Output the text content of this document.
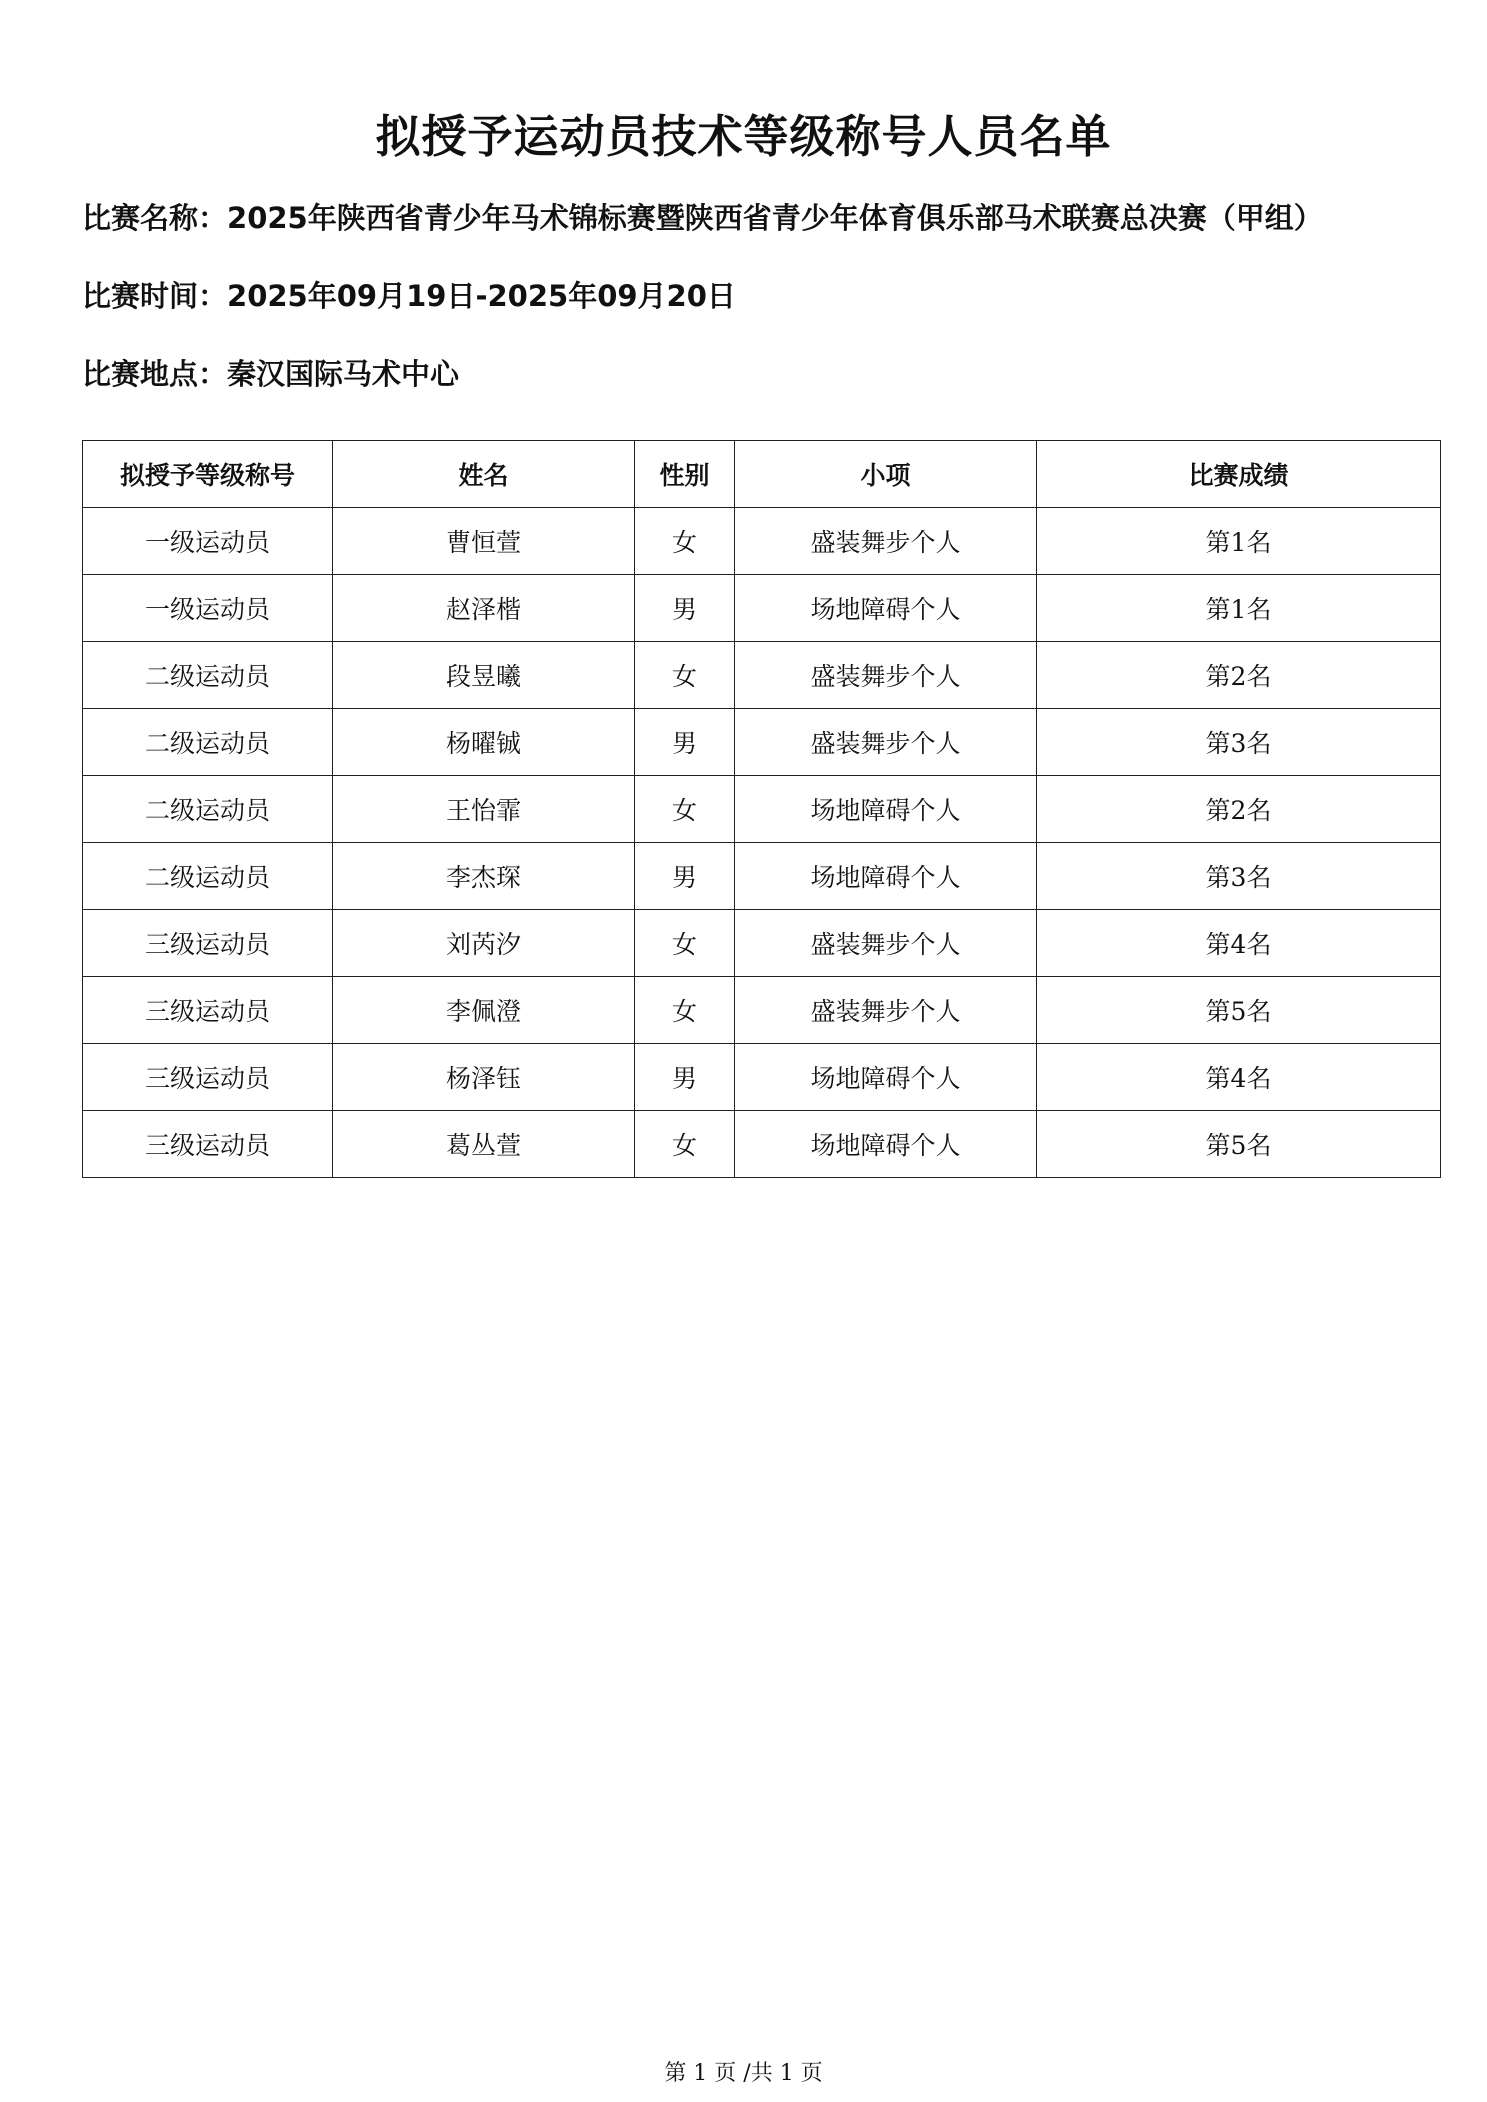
拟授予运动员技术等级称号人员名单
比赛名称：2025年陕西省青少年马术锦标赛暨陕西省青少年体育俱乐部马术联赛总决赛（甲组）
比赛时间：2025年09月19日-2025年09月20日
比赛地点：秦汉国际马术中心
拟授予等级称号	姓名	性别	小项	比赛成绩
一级运动员	曹恒萱	女	盛装舞步个人	第1名
一级运动员	赵泽楷	男	场地障碍个人	第1名
二级运动员	段昱曦	女	盛装舞步个人	第2名
二级运动员	杨曜铖	男	盛装舞步个人	第3名
二级运动员	王怡霏	女	场地障碍个人	第2名
二级运动员	李杰琛	男	场地障碍个人	第3名
三级运动员	刘芮汐	女	盛装舞步个人	第4名
三级运动员	李佩澄	女	盛装舞步个人	第5名
三级运动员	杨泽钰	男	场地障碍个人	第4名
三级运动员	葛丛萱	女	场地障碍个人	第5名
第 1 页 /共 1 页
